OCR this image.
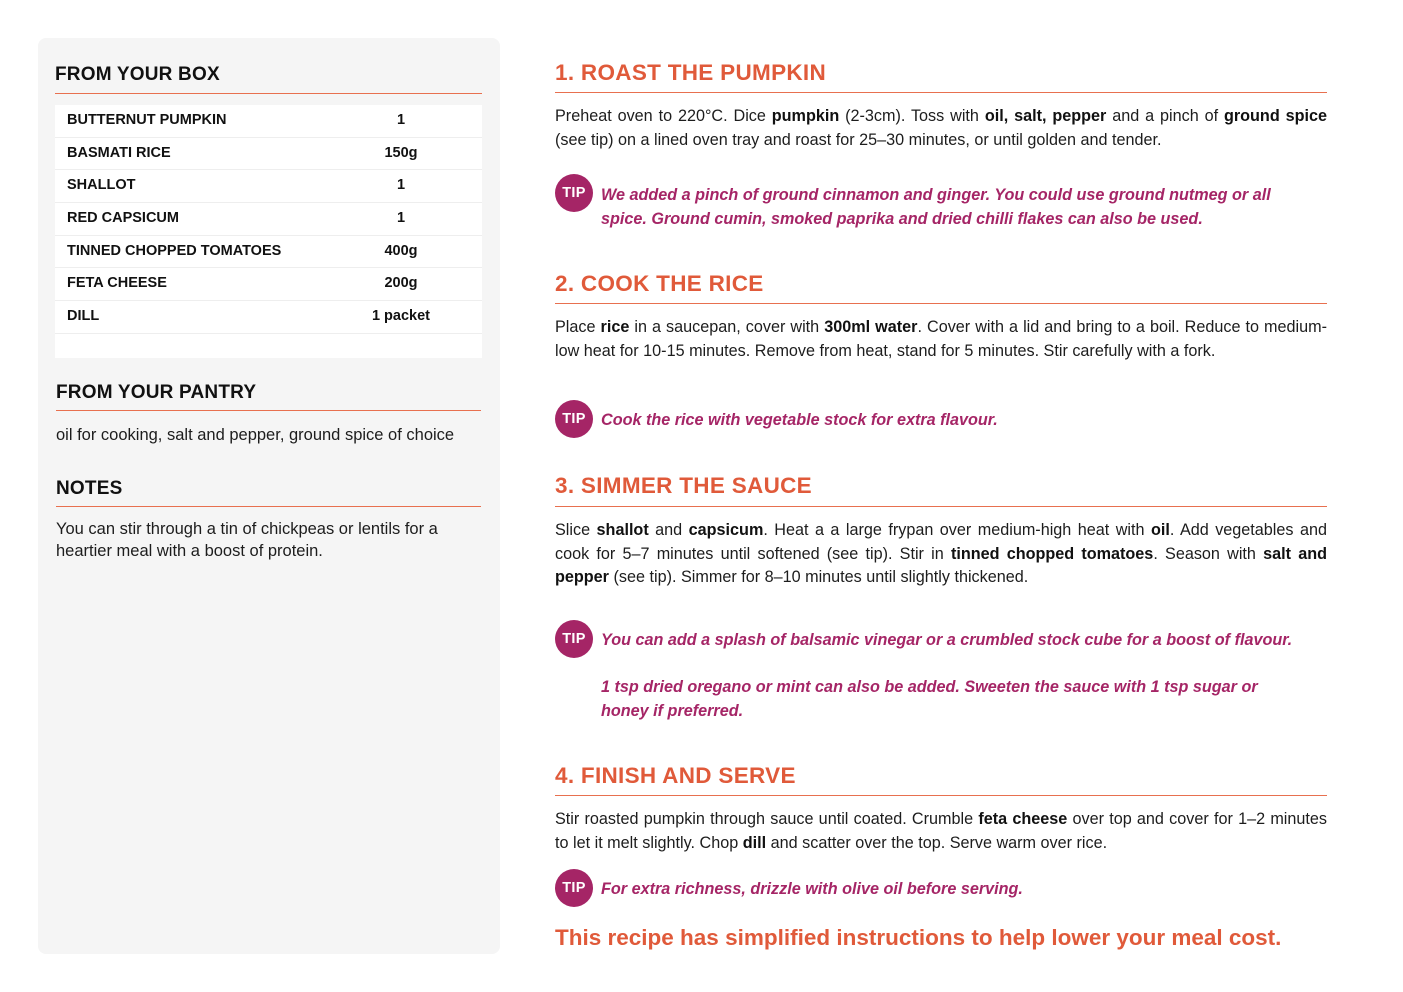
FROM YOUR BOX
BUTTERNUT PUMPKIN	1
BASMATI RICE	150g
SHALLOT	1
RED CAPSICUM	1
TINNED CHOPPED TOMATOES	400g
FETA CHEESE	200g
DILL	1 packet
FROM YOUR PANTRY

oil for cooking, salt and pepper, ground spice of choice

NOTES

You can stir through a tin of chickpeas or lentils for a heartier meal with a boost of protein.

1. ROAST THE PUMPKIN

Preheat oven to 220°C. Dice pumpkin (2-3cm). Toss with oil, salt, pepper and a pinch of ground spice (see tip) on a lined oven tray and roast for 25–30 minutes, or until golden and tender.

TIP We added a pinch of ground cinnamon and ginger. You could use ground nutmeg or all spice. Ground cumin, smoked paprika and dried chilli flakes can also be used.

2. COOK THE RICE

Place rice in a saucepan, cover with 300ml water. Cover with a lid and bring to a boil. Reduce to medium-low heat for 10-15 minutes. Remove from heat, stand for 5 minutes. Stir carefully with a fork.

TIP Cook the rice with vegetable stock for extra flavour.

3. SIMMER THE SAUCE

Slice shallot and capsicum. Heat a a large frypan over medium-high heat with oil. Add vegetables and cook for 5–7 minutes until softened (see tip). Stir in tinned chopped tomatoes. Season with salt and pepper (see tip). Simmer for 8–10 minutes until slightly thickened.

TIP You can add a splash of balsamic vinegar or a crumbled stock cube for a boost of flavour.

1 tsp dried oregano or mint can also be added. Sweeten the sauce with 1 tsp sugar or honey if preferred.

4. FINISH AND SERVE

Stir roasted pumpkin through sauce until coated. Crumble feta cheese over top and cover for 1–2 minutes to let it melt slightly. Chop dill and scatter over the top. Serve warm over rice.

TIP For extra richness, drizzle with olive oil before serving.

This recipe has simplified instructions to help lower your meal cost.
